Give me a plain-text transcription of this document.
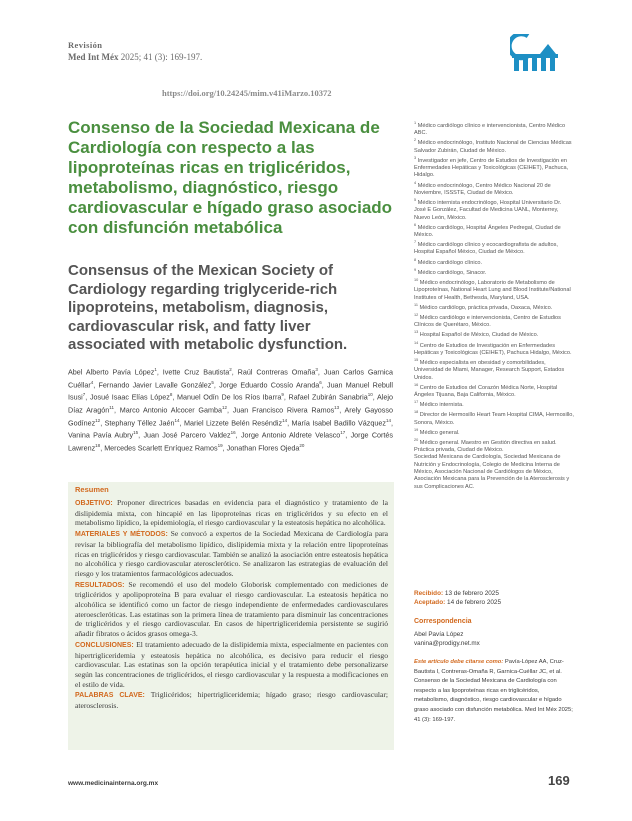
Revisión
Med Int Méx 2025; 41 (3): 169-197.
https://doi.org/10.24245/mim.v41iMarzo.10372
Consenso de la Sociedad Mexicana de Cardiología con respecto a las lipoproteínas ricas en triglicéridos, metabolismo, diagnóstico, riesgo cardiovascular e hígado graso asociado con disfunción metabólica
Consensus of the Mexican Society of Cardiology regarding triglyceride-rich lipoproteins, metabolism, diagnosis, cardiovascular risk, and fatty liver associated with metabolic dysfunction.
Abel Alberto Pavía López$^1$, Ivette Cruz Bautista$^2$, Raúl Contreras Omaña$^3$, Juan Carlos Garnica Cuéllar$^4$, Fernando Javier Lavalle González$^5$, Jorge Eduardo Cossío Aranda$^6$, Juan Manuel Rebull Isusi$^7$, Josué Isaac Elías López$^8$, Manuel Odín De los Ríos Ibarra$^9$, Rafael Zubirán Sanabria$^{10}$, Alejo Díaz Aragón$^{11}$, Marco Antonio Alcocer Gamba$^{12}$, Juan Francisco Rivera Ramos$^{13}$, Arely Gayosso Godínez$^{12}$, Stephany Téllez Jaén$^{14}$, Mariel Lizzete Belén Reséndiz$^{14}$, María Isabel Badillo Vázquez$^{14}$, Vanina Pavía Aubry$^{15}$, Juan José Parcero Valdez$^{16}$, Jorge Antonio Aldrete Velasco$^{17}$, Jorge Cortés Lawrenz$^{18}$, Mercedes Scarlett Enríquez Ramos$^{19}$, Jonathan Flores Ojeda$^{20}$
Resumen

OBJETIVO: Proponer directrices basadas en evidencia para el diagnóstico y tratamiento de la dislipidemia mixta, con hincapié en las lipoproteínas ricas en triglicéridos y su efecto en el metabolismo lipídico, la epidemiología, el riesgo cardiovascular y la esteatosis hepática no alcohólica.

MATERIALES Y MÉTODOS: Se convocó a expertos de la Sociedad Mexicana de Cardiología para revisar la bibliografía del metabolismo lipídico, dislipidemia mixta y la relación entre lipoproteínas ricas en triglicéridos y riesgo cardiovascular. También se analizó la asociación entre esteatosis hepática no alcohólica y riesgo cardiovascular aterosclerótico. Se analizaron las estrategias de evaluación del riesgo y los tratamientos farmacológicos adecuados.

RESULTADOS: Se recomendó el uso del modelo Globorisk complementado con mediciones de triglicéridos y apolipoproteína B para evaluar el riesgo cardiovascular. La esteatosis hepática no alcohólica se identificó como un factor de riesgo independiente de enfermedades cardiovasculares ateroescleróticas. Las estatinas son la primera línea de tratamiento para disminuir las concentraciones de triglicéridos y el riesgo cardiovascular. En casos de hipertrigliceridemia persistente se sugirió añadir fibratos o ácidos grasos omega-3.

CONCLUSIONES: El tratamiento adecuado de la dislipidemia mixta, especialmente en pacientes con hipertrigliceridemia y esteatosis hepática no alcohólica, es decisivo para reducir el riesgo cardiovascular. Las estatinas son la opción terapéutica inicial y el tratamiento debe personalizarse según las concentraciones de triglicéridos, el riesgo cardiovascular y la respuesta a modificaciones en el estilo de vida.

PALABRAS CLAVE: Triglicéridos; hipertrigliceridemia; hígado graso; riesgo cardiovascular; aterosclerosis.

$^1$ Médico cardiólogo clínico e intervencionista, Centro Médico ABC.

$^2$ Médico endocrinólogo, Instituto Nacional de Ciencias Médicas Salvador Zubirán, Ciudad de México.

$^3$ Investigador en jefe, Centro de Estudios de Investigación en Enfermedades Hepáticas y Toxicológicas (CEIHET), Pachuca, Hidalgo.

$^4$ Médico endocrinólogo, Centro Médico Nacional 20 de Noviembre, ISSSTE, Ciudad de México.

$^5$ Médico internista endocrinólogo, Hospital Universitario Dr. José E González, Facultad de Medicina UANL, Monterrey, Nuevo León, México.

$^6$ Médico cardiólogo, Hospital Ángeles Pedregal, Ciudad de México.

$^7$ Médico cardiólogo clínico y ecocardiografista de adultos, Hospital Español México, Ciudad de México.

$^8$ Médico cardiólogo clínico.

$^9$ Médico cardiólogo, Sinacor.

$^{10}$ Médico endocrinólogo, Laboratorio de Metabolismo de Lipoproteínas, National Heart Lung and Blood Institute/National Institutes of Health, Bethesda, Maryland, USA.

$^{11}$ Médico cardiólogo, práctica privada, Oaxaca, México.

$^{12}$ Médico cardiólogo e intervencionista, Centro de Estudios Clínicos de Querétaro, México.

$^{13}$ Hospital Español de México, Ciudad de México.

$^{14}$ Centro de Estudios de Investigación en Enfermedades Hepáticas y Toxicológicas (CEIHET), Pachuca Hidalgo, México.

$^{15}$ Médico especialista en obesidad y comorbilidades, Universidad de Miami, Manager, Research Support, Estados Unidos.

$^{16}$ Centro de Estudios del Corazón Médica Norte, Hospital Ángeles Tijuana, Baja California, México.

$^{17}$ Médico internista.

$^{18}$ Director de Hermosillo Heart Team Hospital CIMA, Hermosillo, Sonora, México.

$^{19}$ Médico general.

$^{20}$ Médico general. Maestro en Gestión directiva en salud. Práctica privada, Ciudad de México.

Sociedad Mexicana de Cardiología, Sociedad Mexicana de Nutrición y Endocrinología, Colegio de Medicina Interna de México, Asociación Nacional de Cardiólogos de México, Asociación Mexicana para la Prevención de la Aterosclerosis y sus Complicaciones AC.

Recibido: 13 de febrero 2025
Aceptado: 14 de febrero 2025
Correspondencia
Abel Pavía López
vanina@prodigy.net.mx
Este artículo debe citarse como: Pavía-López AA, Cruz-Bautista I, Contreras-Omaña R, Garnica-Cuéllar JC, et al. Consenso de la Sociedad Mexicana de Cardiología con respecto a las lipoproteínas ricas en triglicéridos, metabolismo, diagnóstico, riesgo cardiovascular e hígado graso asociado con disfunción metabólica. Med Int Méx 2025; 41 (3): 169-197.
www.medicinainterna.org.mx	169
